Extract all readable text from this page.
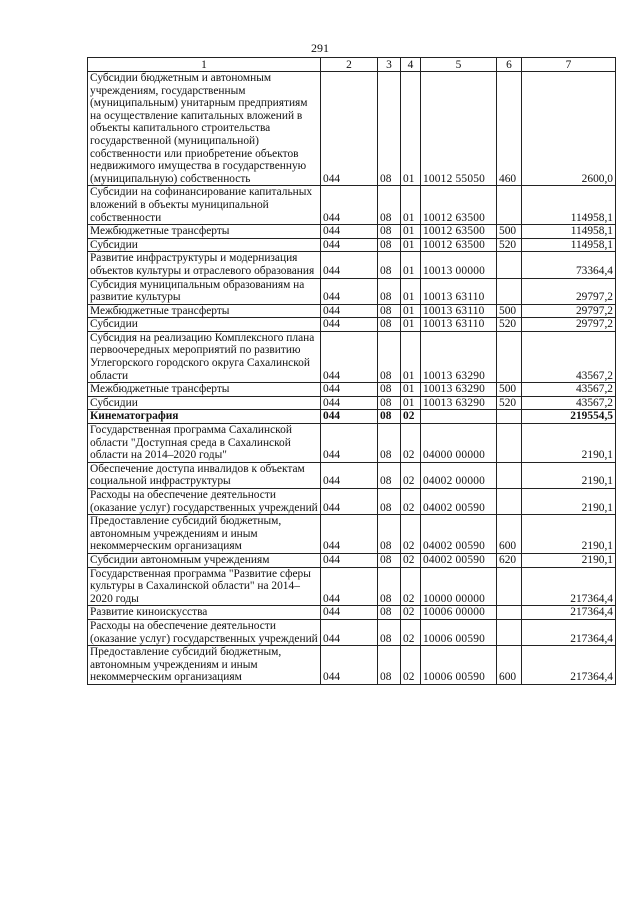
291
1	2	3	4	5	6	7
Субсидии бюджетным и автономным учреждениям, государственным (муниципальным) унитарным предприятиям на осуществление капитальных вложений в объекты капитального строительства государственной (муниципальной) собственности или приобретение объектов недвижимого имущества в государственную (муниципальную) собственность	044	08	01	10012 55050	460	2600,0
Субсидии на софинансирование капитальных вложений в объекты муниципальной собственности	044	08	01	10012 63500		114958,1
Межбюджетные трансферты	044	08	01	10012 63500	500	114958,1
Субсидии	044	08	01	10012 63500	520	114958,1
Развитие инфраструктуры и модернизация объектов культуры и отраслевого образования	044	08	01	10013 00000		73364,4
Субсидия муниципальным образованиям на развитие культуры	044	08	01	10013 63110		29797,2
Межбюджетные трансферты	044	08	01	10013 63110	500	29797,2
Субсидии	044	08	01	10013 63110	520	29797,2
Субсидия на реализацию Комплексного плана первоочередных мероприятий по развитию Углегорского городского округа Сахалинской области	044	08	01	10013 63290		43567,2
Межбюджетные трансферты	044	08	01	10013 63290	500	43567,2
Субсидии	044	08	01	10013 63290	520	43567,2
Кинематография	044	08	02			219554,5
Государственная программа Сахалинской области "Доступная среда в Сахалинской области на 2014–2020 годы"	044	08	02	04000 00000		2190,1
Обеспечение доступа инвалидов к объектам социальной инфраструктуры	044	08	02	04002 00000		2190,1
Расходы на обеспечение деятельности (оказание услуг) государственных учреждений	044	08	02	04002 00590		2190,1
Предоставление субсидий бюджетным, автономным учреждениям и иным некоммерческим организациям	044	08	02	04002 00590	600	2190,1
Субсидии автономным учреждениям	044	08	02	04002 00590	620	2190,1
Государственная программа "Развитие сферы культуры в Сахалинской области" на 2014–2020 годы	044	08	02	10000 00000		217364,4
Развитие киноискусства	044	08	02	10006 00000		217364,4
Расходы на обеспечение деятельности (оказание услуг) государственных учреждений	044	08	02	10006 00590		217364,4
Предоставление субсидий бюджетным, автономным учреждениям и иным некоммерческим организациям	044	08	02	10006 00590	600	217364,4
